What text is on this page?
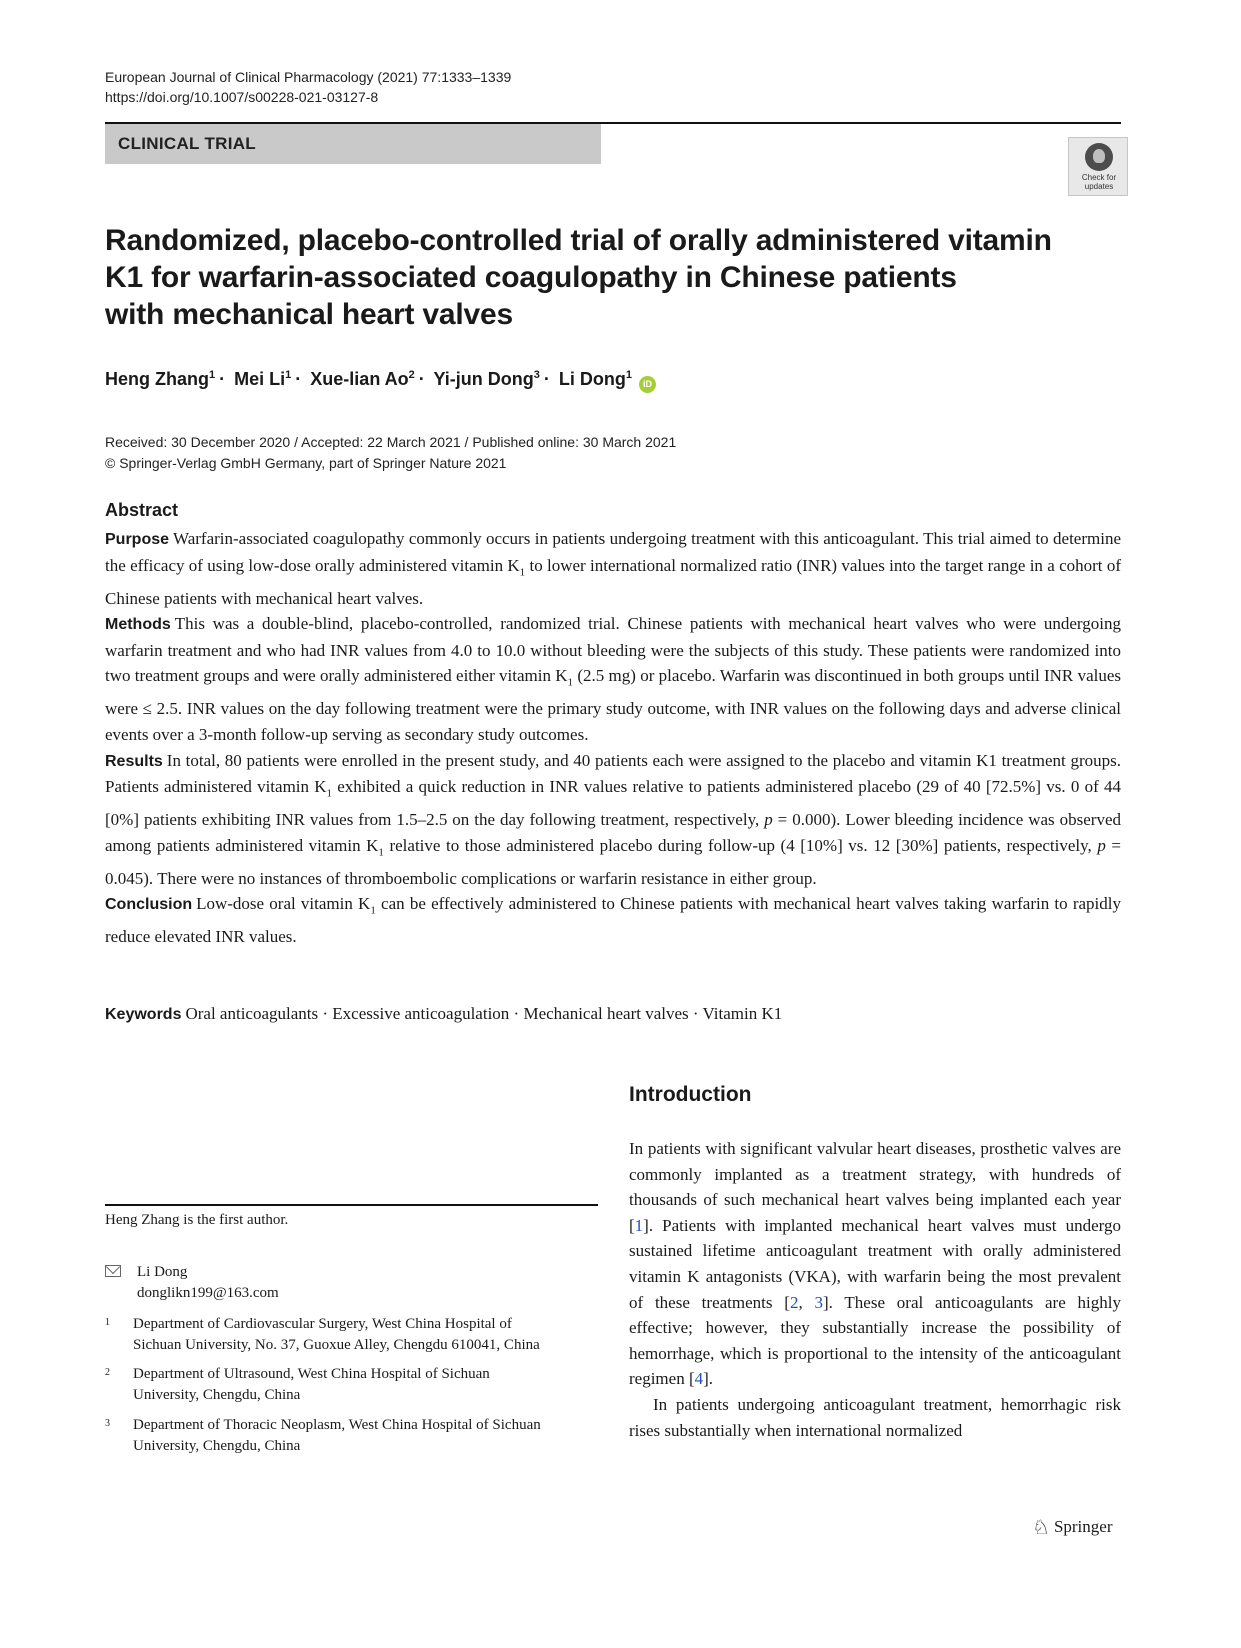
European Journal of Clinical Pharmacology (2021) 77:1333–1339
https://doi.org/10.1007/s00228-021-03127-8
CLINICAL TRIAL
Check for
updates
Randomized, placebo-controlled trial of orally administered vitamin
K1 for warfarin-associated coagulopathy in Chinese patients
with mechanical heart valves
Heng Zhang$^1$ · Mei $Li^1$ · Xue-lian $Ao^2 \cdot Yi-jun$ Dong$^3$ · Li Dong$^1$ iD
Received: 30 December 2020 / Accepted: 22 March 2021 / Published online: 30 March 2021
© Springer-Verlag GmbH Germany, part of Springer Nature 2021
Abstract

Purpose Warfarin-associated coagulopathy commonly occurs in patients undergoing treatment with this anticoagulant. This trial aimed to determine the efficacy of using low-dose orally administered vitamin $K_1$ to lower international normalized ratio (INR) values into the target range in a cohort of Chinese patients with mechanical heart valves.

Methods This was a double-blind, placebo-controlled, randomized trial. Chinese patients with mechanical heart valves who were undergoing warfarin treatment and who had INR values from 4.0 to 10.0 without bleeding were the subjects of this study. These patients were randomized into two treatment groups and were orally administered either vitamin $K_1$ (2.5 mg) or placebo. Warfarin was discontinued in both groups until INR values were ≤ 2.5. INR values on the day following treatment were the primary study outcome, with INR values on the following days and adverse clinical events over a 3-month follow-up serving as secondary study outcomes.

Results In total, 80 patients were enrolled in the present study, and 40 patients each were assigned to the placebo and vitamin K1 treatment groups. Patients administered vitamin $K_1$ exhibited a quick reduction in INR values relative to patients administered placebo (29 of 40 [72.5%] vs. 0 of 44 [0%] patients exhibiting INR values from 1.5–2.5 on the day following treatment, respectively, p = 0.000). Lower bleeding incidence was observed among patients administered vitamin $K_1$ relative to those administered placebo during follow-up (4 [10%] vs. 12 [30%] patients, respectively, p = 0.045). There were no instances of thromboembolic complications or warfarin resistance in either group.

Conclusion Low-dose oral vitamin $K_1$ can be effectively administered to Chinese patients with mechanical heart valves taking warfarin to rapidly reduce elevated INR values.

Keywords Oral anticoagulants · Excessive anticoagulation · Mechanical heart valves · Vitamin K1
Introduction

In patients with significant valvular heart diseases, prosthetic valves are commonly implanted as a treatment strategy, with hundreds of thousands of such mechanical heart valves being implanted each year [1]. Patients with implanted mechanical heart valves must undergo sustained lifetime anticoagulant treatment with orally administered vitamin K antagonists (VKA), with warfarin being the most prevalent of these treatments [2, 3]. These oral anticoagulants are highly effective; however, they substantially increase the possibility of hemorrhage, which is proportional to the intensity of the anticoagulant regimen [4].

In patients undergoing anticoagulant treatment, hemorrhagic risk rises substantially when international normalized

Heng Zhang is the first author.
Li Dong
donglikn199@163.com
1 Department of Cardiovascular Surgery, West China Hospital of
Sichuan University, No. 37, Guoxue Alley, Chengdu 610041, China
2 Department of Ultrasound, West China Hospital of Sichuan
University, Chengdu, China
3 Department of Thoracic Neoplasm, West China Hospital of Sichuan
University, Chengdu, China
♘ Springer
